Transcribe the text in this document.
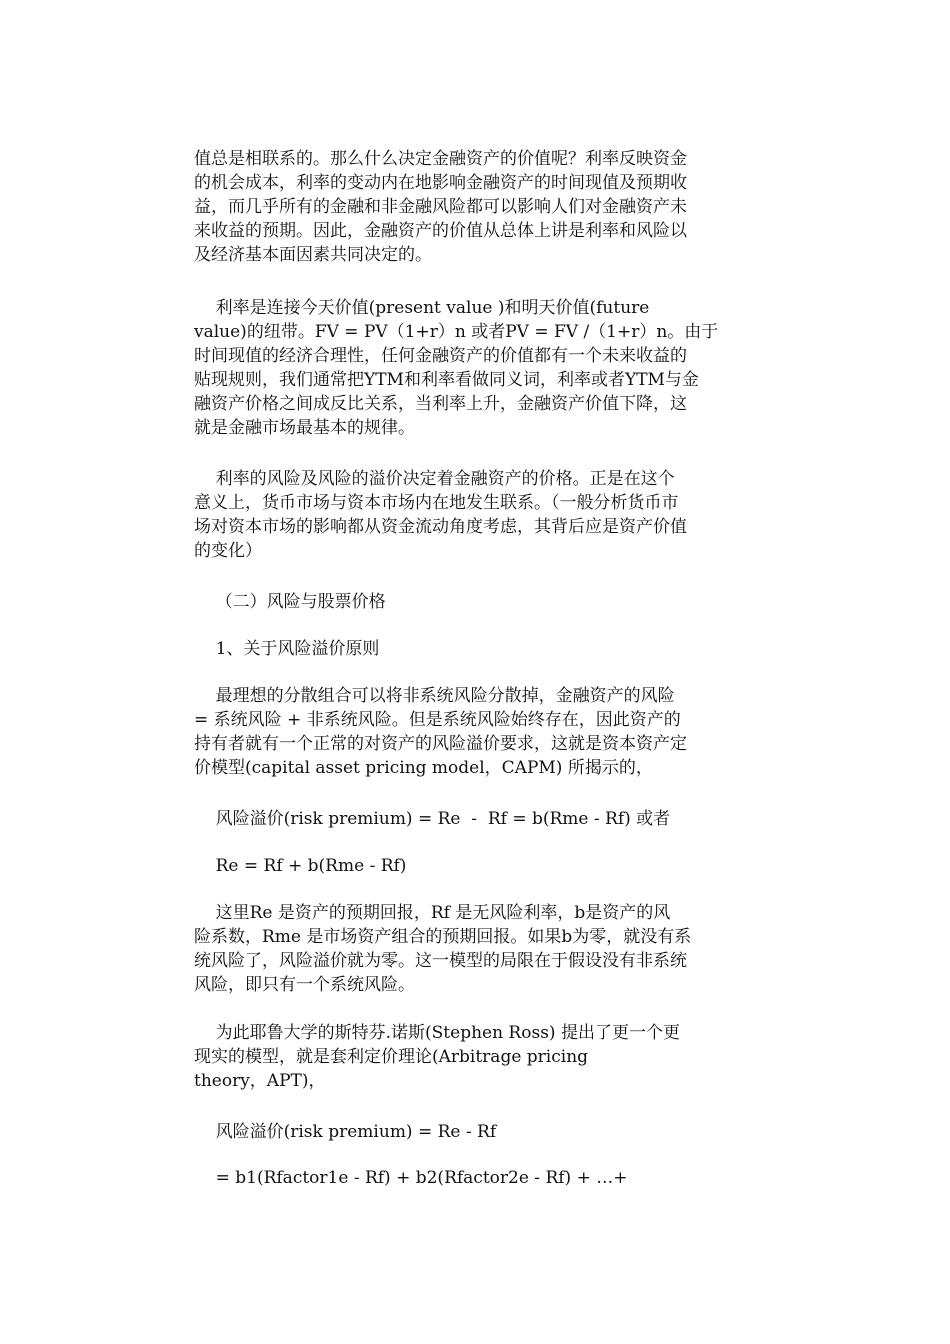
值总是相联系的。那么什么决定金融资产的价值呢？利率反映资金
的机会成本，利率的变动内在地影响金融资产的时间现值及预期收
益，而几乎所有的金融和非金融风险都可以影响人们对金融资产未
来收益的预期。因此，金融资产的价值从总体上讲是利率和风险以
及经济基本面因素共同决定的。
利率是连接今天价值(present value )和明天价值(future
value)的纽带。FV = PV（1+r）n 或者PV = FV /（1+r）n。由于
时间现值的经济合理性，任何金融资产的价值都有一个未来收益的
贴现规则，我们通常把YTM和利率看做同义词，利率或者YTM与金
融资产价格之间成反比关系，当利率上升，金融资产价值下降，这
就是金融市场最基本的规律。
利率的风险及风险的溢价决定着金融资产的价格。正是在这个
意义上，货币市场与资本市场内在地发生联系。（一般分析货币市
场对资本市场的影响都从资金流动角度考虑，其背后应是资产价值
的变化）
（二）风险与股票价格
1、关于风险溢价原则
最理想的分散组合可以将非系统风险分散掉，金融资产的风险
= 系统风险 + 非系统风险。但是系统风险始终存在，因此资产的
持有者就有一个正常的对资产的风险溢价要求，这就是资本资产定
价模型(capital asset pricing model，CAPM) 所揭示的，
风险溢价(risk premium) = Re  -  Rf = b(Rme - Rf) 或者
Re = Rf + b(Rme - Rf)
这里Re 是资产的预期回报，Rf 是无风险利率，b是资产的风
险系数，Rme 是市场资产组合的预期回报。如果b为零，就没有系
统风险了，风险溢价就为零。这一模型的局限在于假设没有非系统
风险，即只有一个系统风险。
为此耶鲁大学的斯特芬.诺斯(Stephen Ross) 提出了更一个更
现实的模型，就是套利定价理论(Arbitrage pricing
theory，APT)，
风险溢价(risk premium) = Re - Rf
= b1(Rfactor1e - Rf) + b2(Rfactor2e - Rf) + …+
